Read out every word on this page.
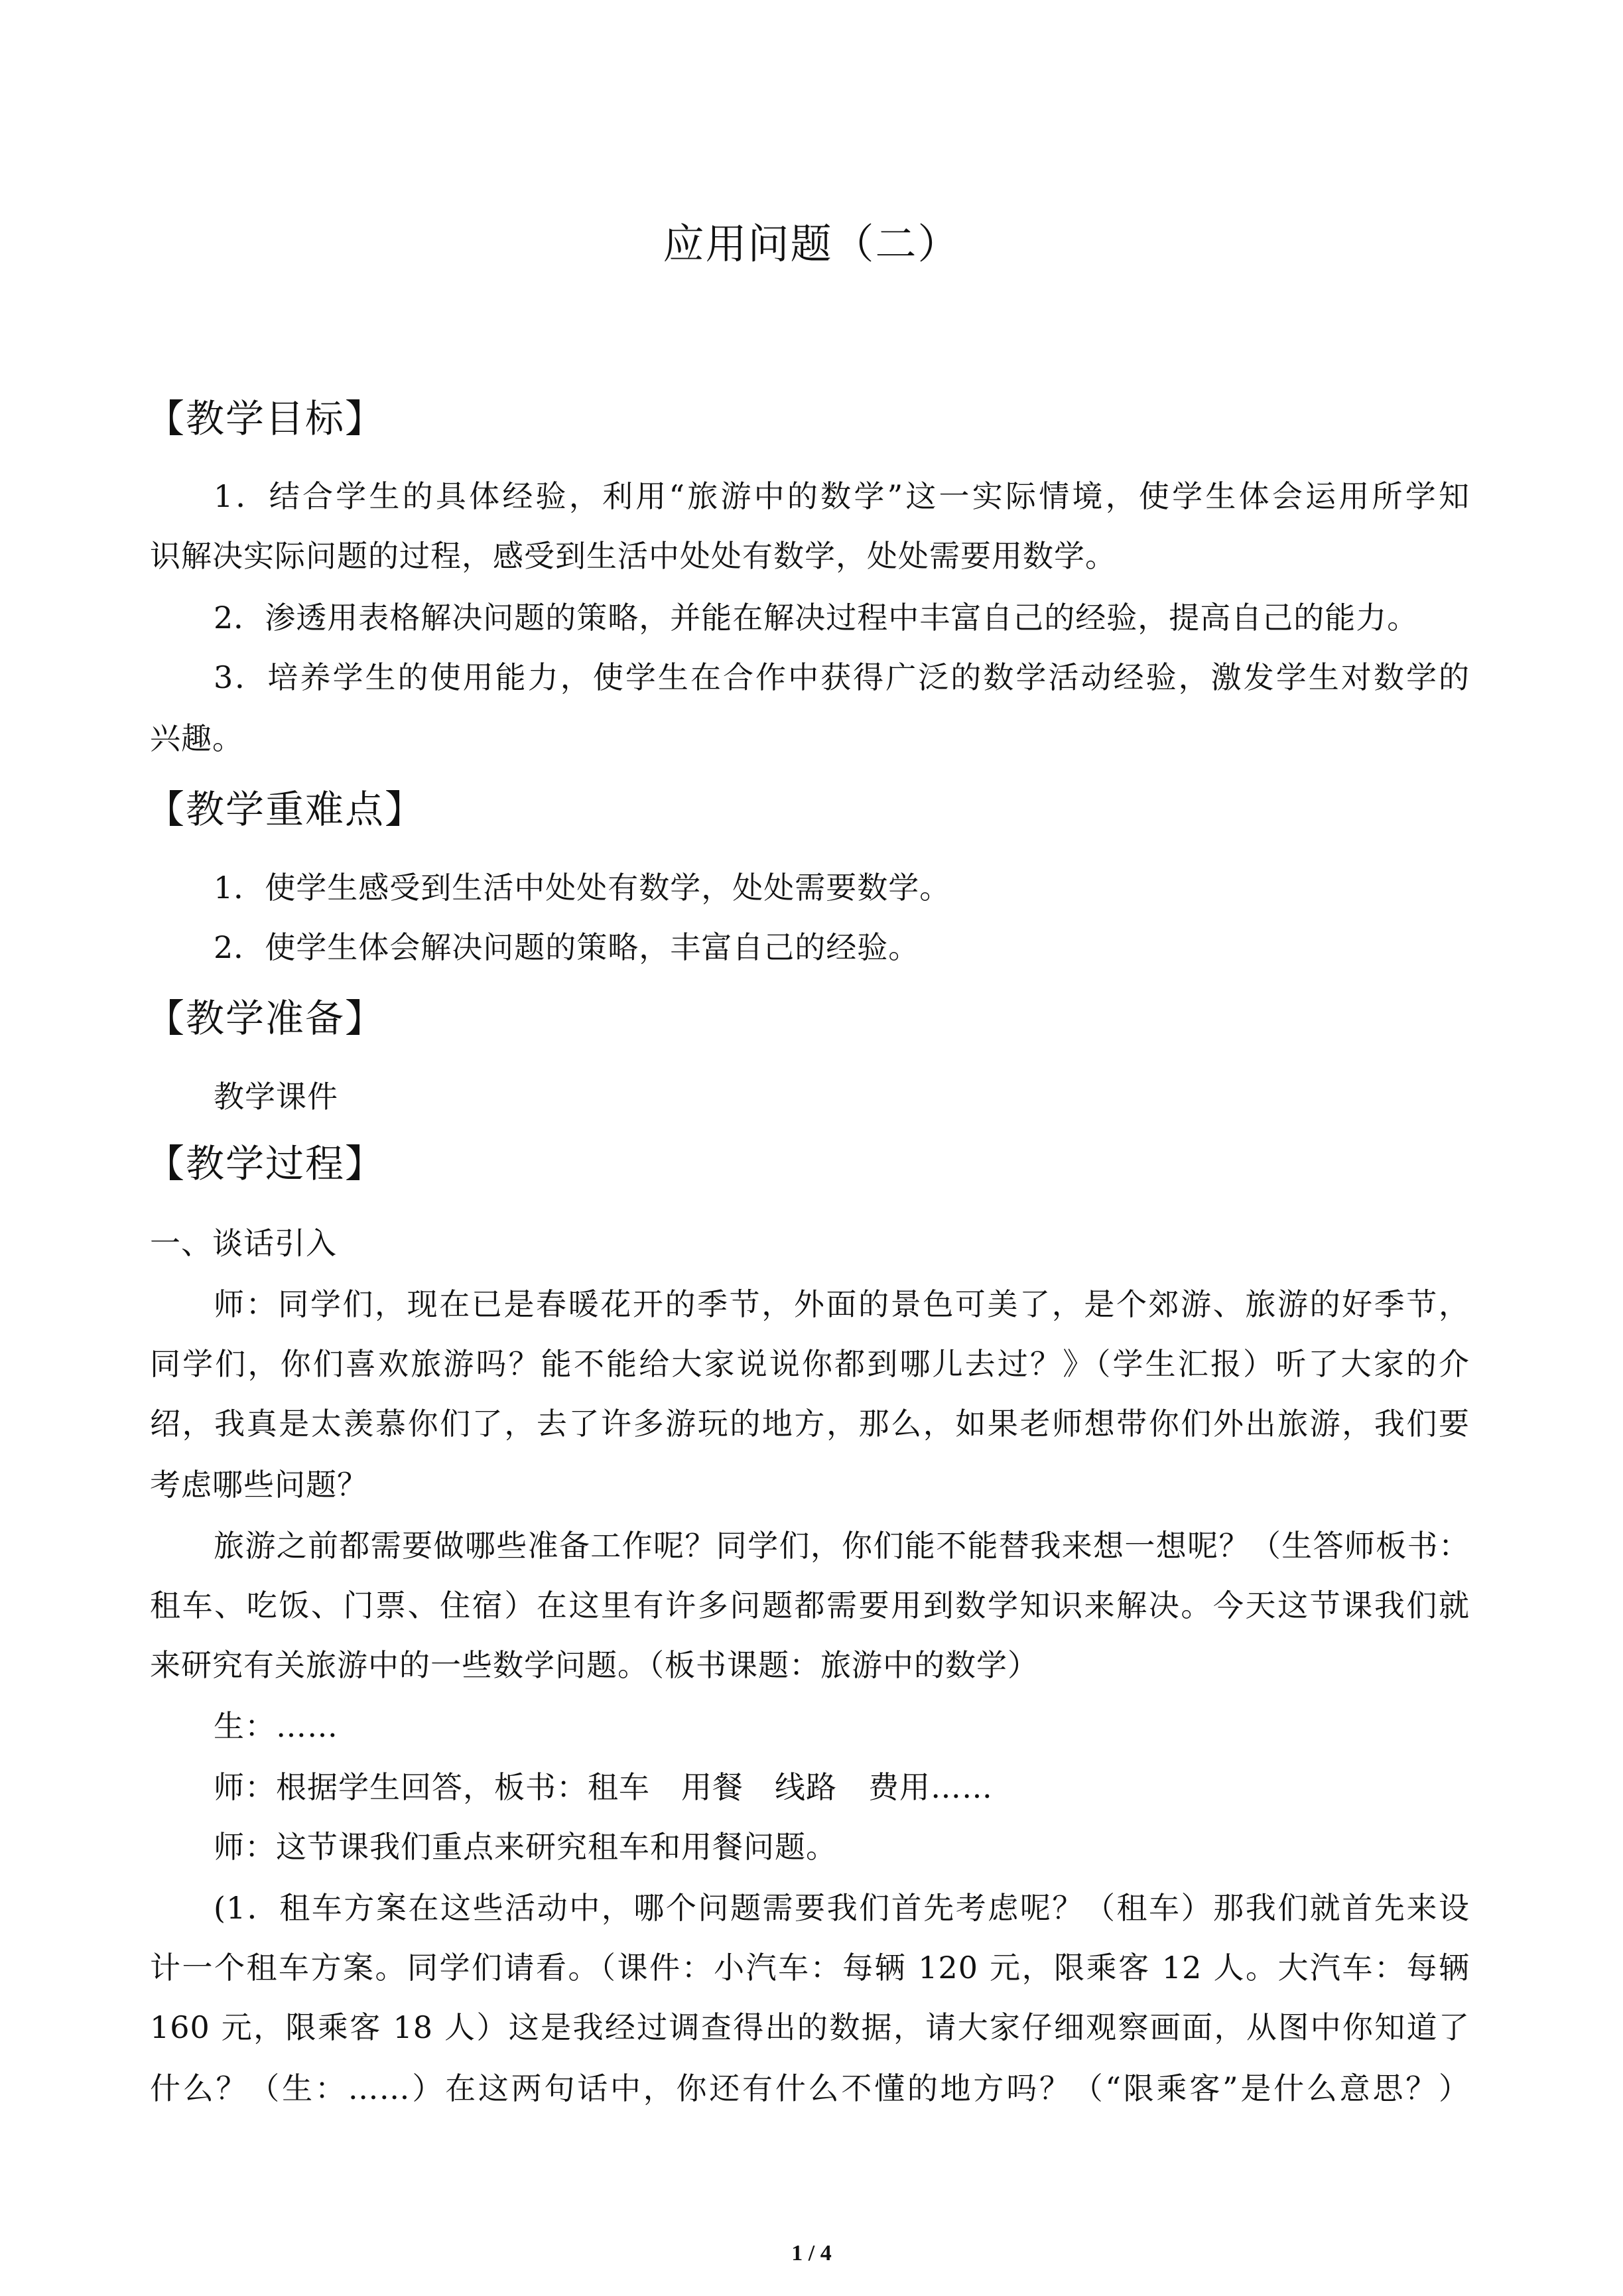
应用问题（二）
【教学目标】
1．结合学生的具体经验，利用“旅游中的数学”这一实际情境，使学生体会运用所学知
识解决实际问题的过程，感受到生活中处处有数学，处处需要用数学。
2．渗透用表格解决问题的策略，并能在解决过程中丰富自己的经验，提高自己的能力。
3．培养学生的使用能力，使学生在合作中获得广泛的数学活动经验，激发学生对数学的
兴趣。
【教学重难点】
1．使学生感受到生活中处处有数学，处处需要数学。
2．使学生体会解决问题的策略，丰富自己的经验。
【教学准备】
教学课件
【教学过程】
一、谈话引入
师：同学们，现在已是春暖花开的季节，外面的景色可美了，是个郊游、旅游的好季节，
同学们，你们喜欢旅游吗？能不能给大家说说你都到哪儿去过？》（学生汇报）听了大家的介
绍，我真是太羡慕你们了，去了许多游玩的地方，那么，如果老师想带你们外出旅游，我们要
考虑哪些问题？
旅游之前都需要做哪些准备工作呢？同学们，你们能不能替我来想一想呢？（生答师板书：
租车、吃饭、门票、住宿）在这里有许多问题都需要用到数学知识来解决。今天这节课我们就
来研究有关旅游中的一些数学问题。（板书课题：旅游中的数学）
生：……
师：根据学生回答，板书：租车　用餐　线路　费用……
师：这节课我们重点来研究租车和用餐问题。
(1．租车方案在这些活动中，哪个问题需要我们首先考虑呢？（租车）那我们就首先来设
计一个租车方案。同学们请看。（课件：小汽车：每辆 120 元，限乘客 12 人。大汽车：每辆
160 元，限乘客 18 人）这是我经过调查得出的数据，请大家仔细观察画面，从图中你知道了
什么？（生：……）在这两句话中，你还有什么不懂的地方吗？（“限乘客”是什么意思？）
1 / 4
